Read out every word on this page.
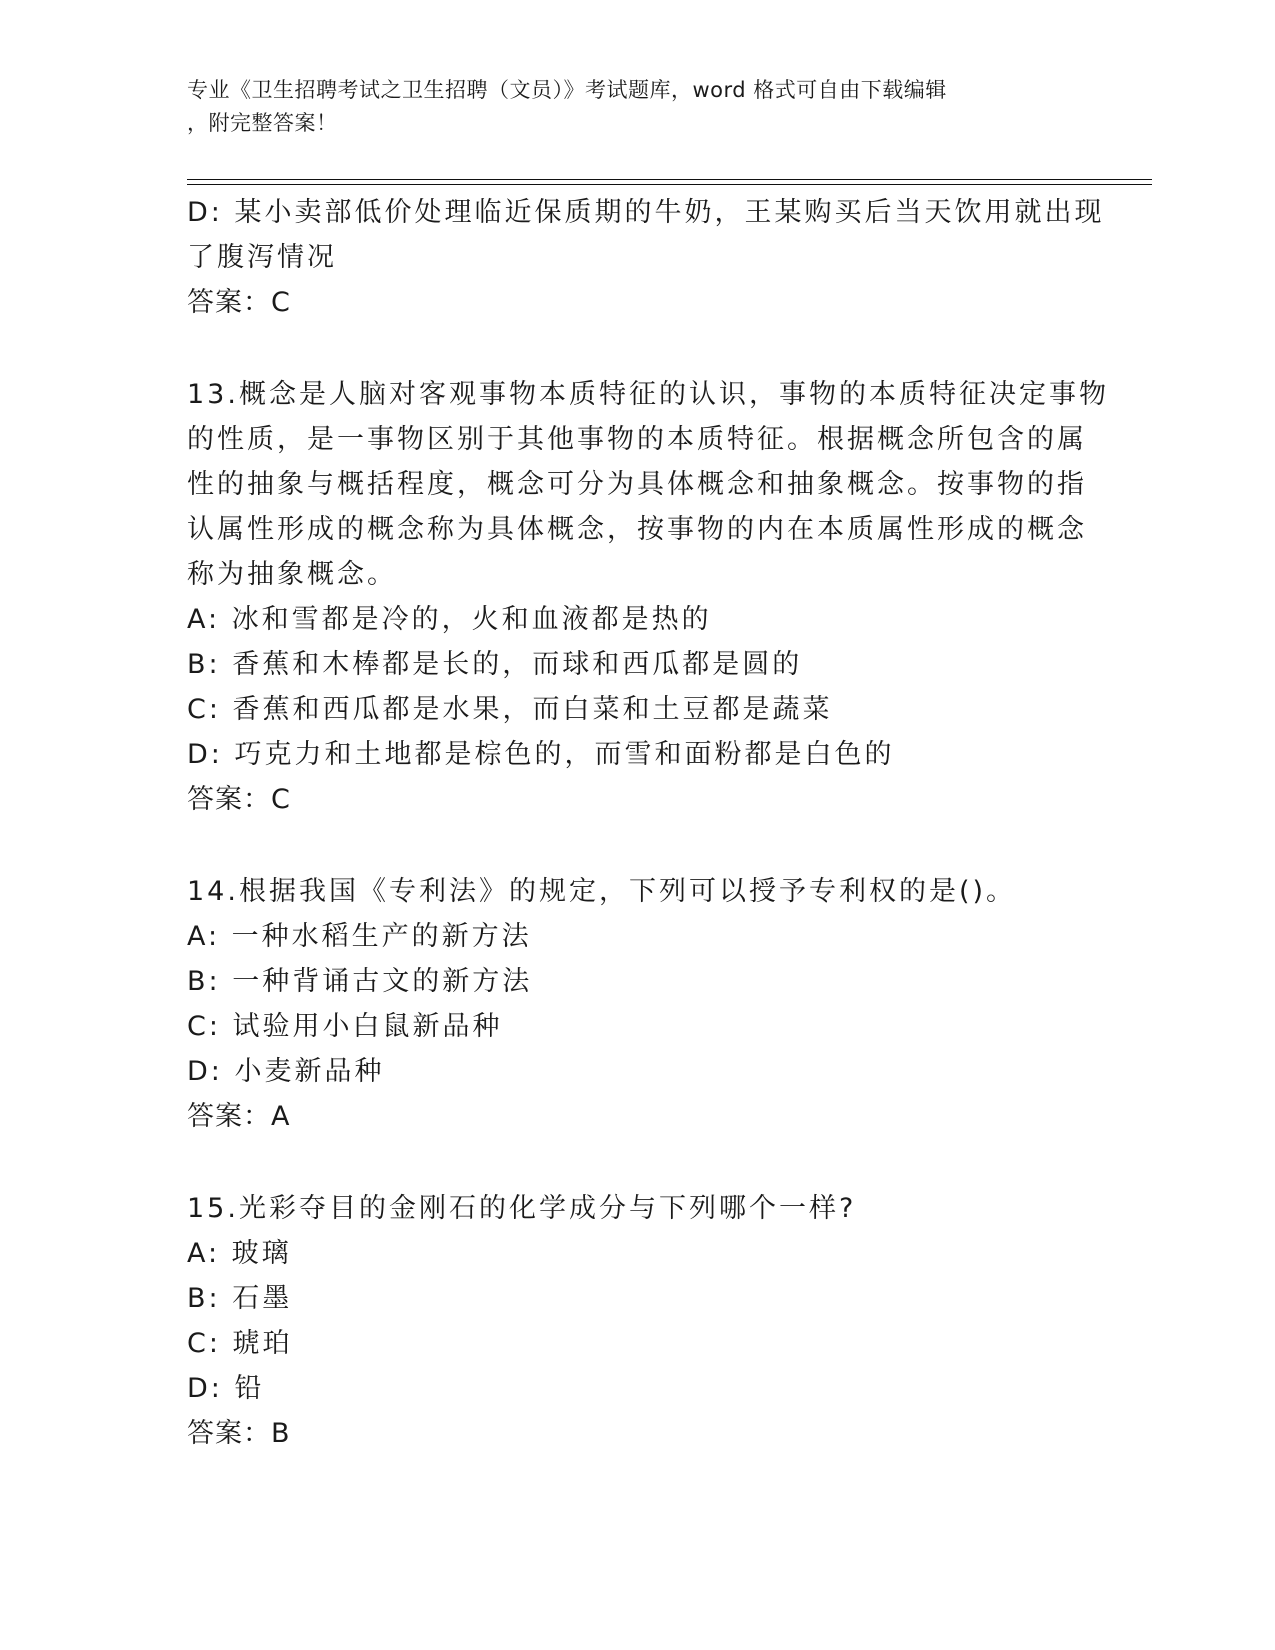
专业《卫生招聘考试之卫生招聘（文员）》考试题库，word 格式可自由下载编辑
，附完整答案！
D: 某小卖部低价处理临近保质期的牛奶，王某购买后当天饮用就出现
了腹泻情况
答案：C
13.概念是人脑对客观事物本质特征的认识，事物的本质特征决定事物
的性质，是一事物区别于其他事物的本质特征。根据概念所包含的属
性的抽象与概括程度，概念可分为具体概念和抽象概念。按事物的指
认属性形成的概念称为具体概念，按事物的内在本质属性形成的概念
称为抽象概念。
A: 冰和雪都是冷的，火和血液都是热的
B: 香蕉和木棒都是长的，而球和西瓜都是圆的
C: 香蕉和西瓜都是水果，而白菜和土豆都是蔬菜
D: 巧克力和土地都是棕色的，而雪和面粉都是白色的
答案：C
14.根据我国《专利法》的规定，下列可以授予专利权的是()。
A: 一种水稻生产的新方法
B: 一种背诵古文的新方法
C: 试验用小白鼠新品种
D: 小麦新品种
答案：A
15.光彩夺目的金刚石的化学成分与下列哪个一样?
A: 玻璃
B: 石墨
C: 琥珀
D: 铅
答案：B
